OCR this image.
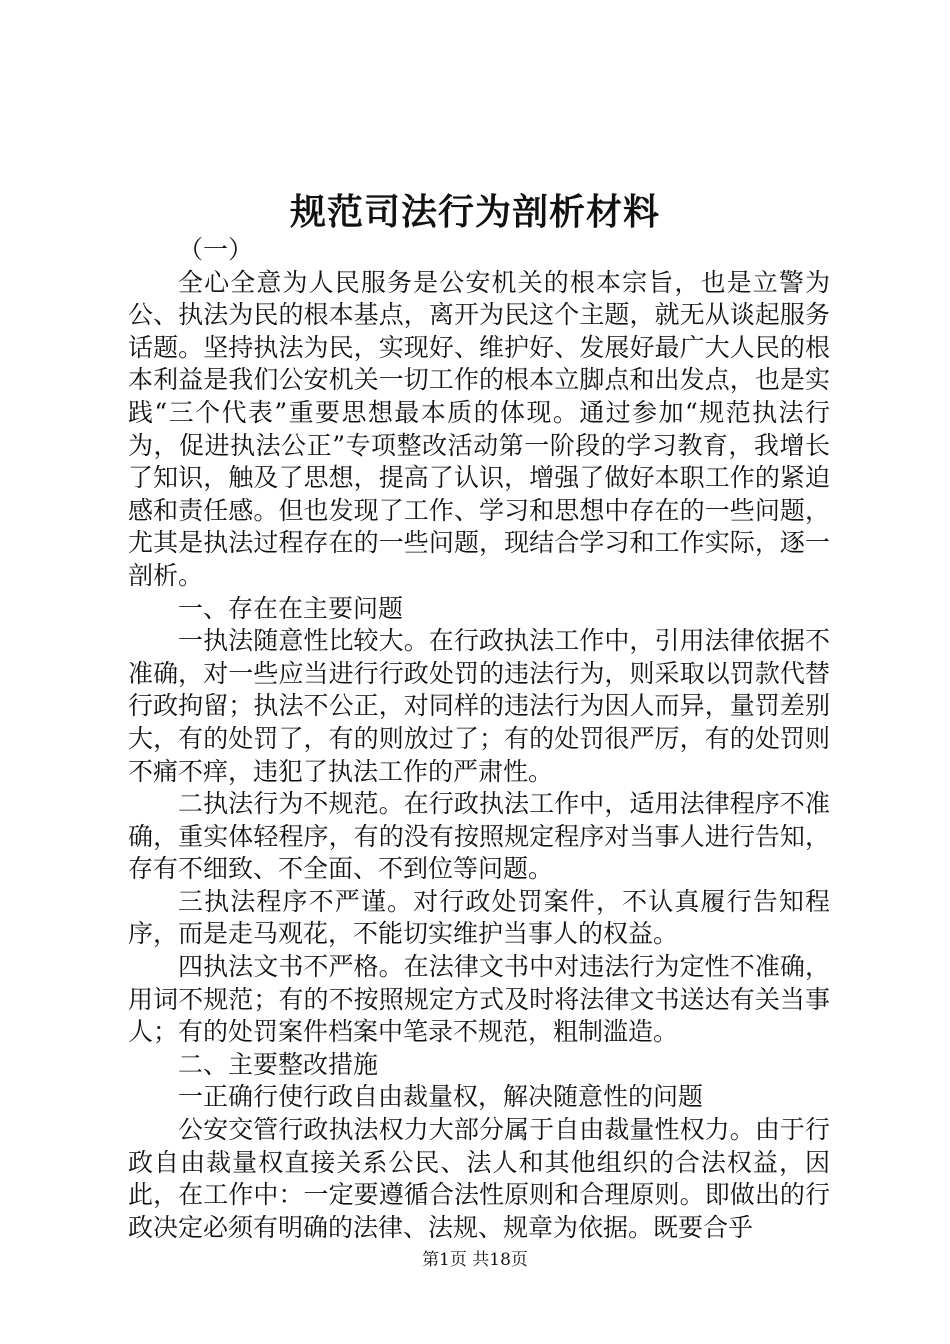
规范司法行为剖析材料

（一）

全心全意为人民服务是公安机关的根本宗旨，也是立警为公、执法为民的根本基点，离开为民这个主题，就无从谈起服务话题。坚持执法为民，实现好、维护好、发展好最广大人民的根本利益是我们公安机关一切工作的根本立脚点和出发点，也是实践“三个代表”重要思想最本质的体现。通过参加“规范执法行为，促进执法公正”专项整改活动第一阶段的学习教育，我增长了知识，触及了思想，提高了认识，增强了做好本职工作的紧迫感和责任感。但也发现了工作、学习和思想中存在的一些问题，尤其是执法过程存在的一些问题，现结合学习和工作实际，逐一剖析。

一、存在在主要问题

一执法随意性比较大。在行政执法工作中，引用法律依据不准确，对一些应当进行行政处罚的违法行为，则采取以罚款代替行政拘留；执法不公正，对同样的违法行为因人而异，量罚差别大，有的处罚了，有的则放过了；有的处罚很严厉，有的处罚则不痛不痒，违犯了执法工作的严肃性。

二执法行为不规范。在行政执法工作中，适用法律程序不准确，重实体轻程序，有的没有按照规定程序对当事人进行告知，存有不细致、不全面、不到位等问题。

三执法程序不严谨。对行政处罚案件，不认真履行告知程序，而是走马观花，不能切实维护当事人的权益。

四执法文书不严格。在法律文书中对违法行为定性不准确，用词不规范；有的不按照规定方式及时将法律文书送达有关当事人；有的处罚案件档案中笔录不规范，粗制滥造。

二、主要整改措施

一正确行使行政自由裁量权，解决随意性的问题

公安交管行政执法权力大部分属于自由裁量性权力。由于行政自由裁量权直接关系公民、法人和其他组织的合法权益，因此，在工作中：一定要遵循合法性原则和合理原则。即做出的行政决定必须有明确的法律、法规、规章为依据。既要合乎

第1页 共18页
